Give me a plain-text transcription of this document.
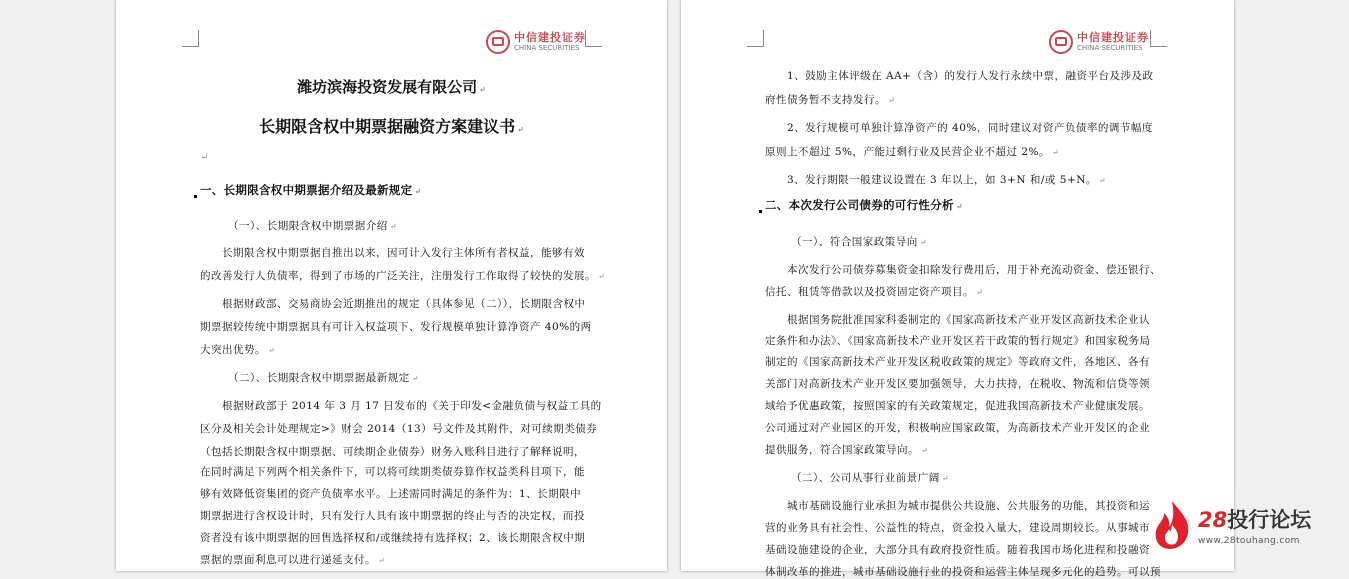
中信建投证券
CHINA SECURITIES
潍坊滨海投资发展有限公司 ↵
长期限含权中期票据融资方案建议书 ↵
↵
一、长期限含权中期票据介绍及最新规定 ↵
（一）、长期限含权中期票据介绍 ↵
长期限含权中期票据自推出以来，因可计入发行主体所有者权益，能够有效
的改善发行人负债率，得到了市场的广泛关注，注册发行工作取得了较快的发展。 ↵
根据财政部、交易商协会近期推出的规定（具体参见（二）），长期限含权中
期票据较传统中期票据具有可计入权益项下、发行规模单独计算净资产 40%的两
大突出优势。 ↵
（二）、长期限含权中期票据最新规定 ↵
根据财政部于 2014 年 3 月 17 日发布的《关于印发<金融负债与权益工具的
区分及相关会计处理规定>》财会 2014（13）号文件及其附件，对可续期类债券
（包括长期限含权中期票据、可续期企业债券）财务入账科目进行了解释说明，
在同时满足下列两个相关条件下，可以将可续期类债券算作权益类科目项下，能
够有效降低资集团的资产负债率水平。上述需同时满足的条件为：1、长期限中
期票据进行含权设计时，只有发行人具有该中期票据的终止与否的决定权，而投
资者没有该中期票据的回售选择权和/或继续持有选择权；2、该长期限含权中期
票据的票面利息可以进行递延支付。 ↵
中信建投证券
CHINA SECURITIES
1、鼓励主体评级在 AA+（含）的发行人发行永续中票，融资平台及涉及政
府性债务暂不支持发行。 ↵
2、发行规模可单独计算净资产的 40%，同时建议对资产负债率的调节幅度
原则上不超过 5%，产能过剩行业及民营企业不超过 2%。 ↵
3、发行期限一般建议设置在 3 年以上，如 3+N 和/或 5+N。 ↵
二、本次发行公司债券的可行性分析 ↵
（一）、符合国家政策导向 ↵
本次发行公司债券募集资金扣除发行费用后，用于补充流动资金、偿还银行、
信托、租赁等借款以及投资固定资产项目。 ↵
根据国务院批准国家科委制定的《国家高新技术产业开发区高新技术企业认
定条件和办法》、《国家高新技术产业开发区若干政策的暂行规定》和国家税务局
制定的《国家高新技术产业开发区税收政策的规定》等政府文件，各地区、各有
关部门对高新技术产业开发区要加强领导，大力扶持，在税收、物流和信贷等领
域给予优惠政策，按照国家的有关政策规定，促进我国高新技术产业健康发展。
公司通过对产业园区的开发，积极响应国家政策，为高新技术产业开发区的企业
提供服务，符合国家政策导向。 ↵
（二）、公司从事行业前景广阔 ↵
城市基础设施行业承担为城市提供公共设施、公共服务的功能，其投资和运
营的业务具有社会性、公益性的特点，资金投入量大，建设周期较长。从事城市
基础设施建设的企业，大部分具有政府投资性质。随着我国市场化进程和投融资
体制改革的推进，城市基础设施行业的投资和运营主体呈现多元化的趋势。可以预
28投行论坛
www.28touhang.com
